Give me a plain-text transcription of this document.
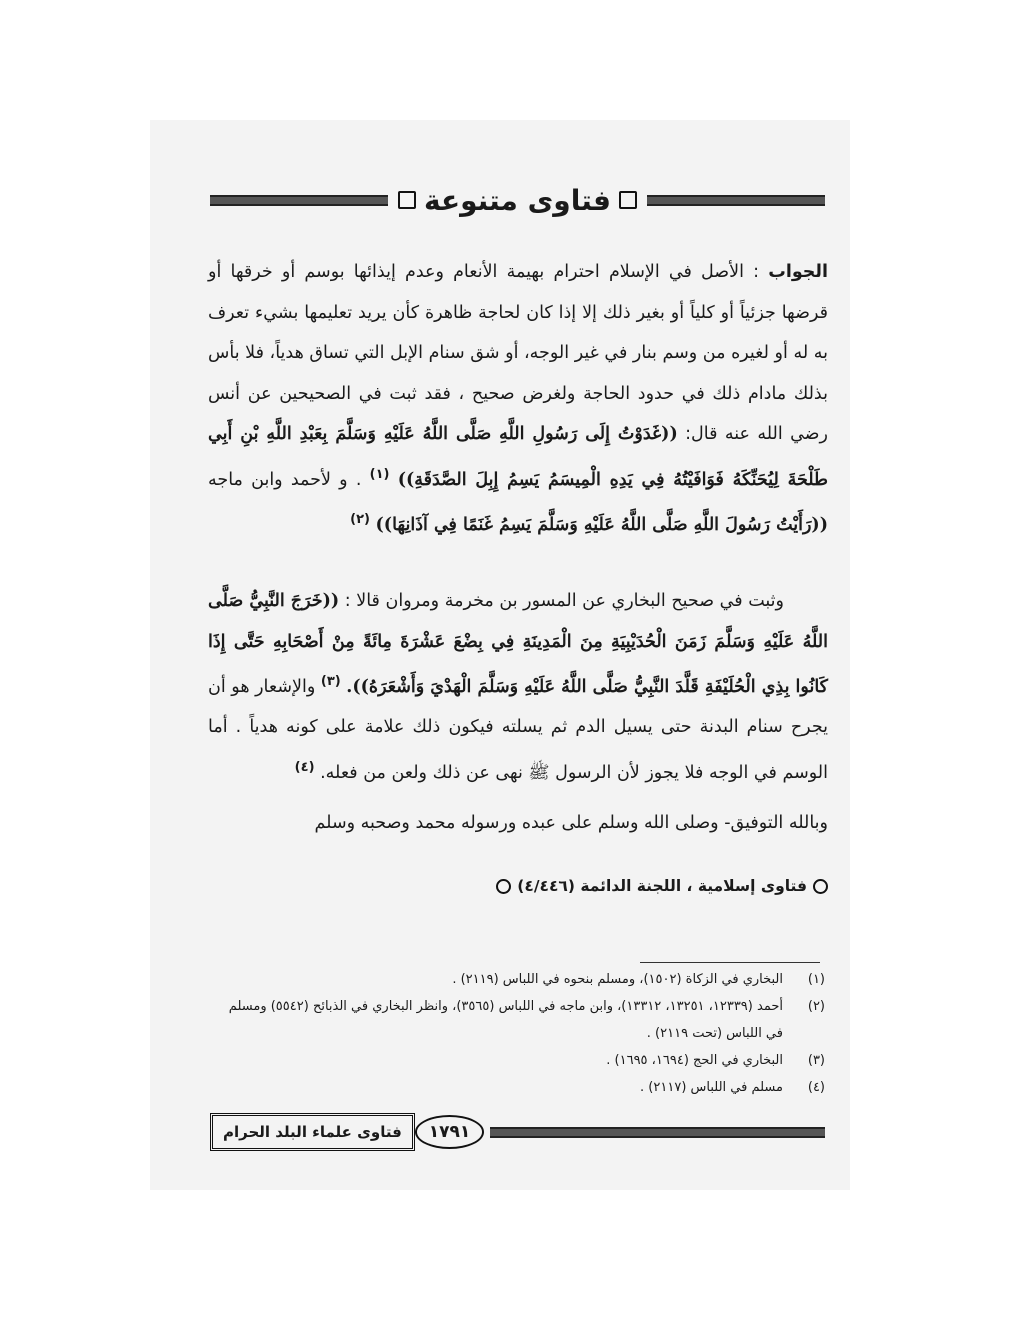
فتاوى متنوعة

الجواب : الأصل في الإسلام احترام بهيمة الأنعام وعدم إيذائها بوسم أو خرقها أو قرضها جزئياً أو كلياً أو بغير ذلك إلا إذا كان لحاجة ظاهرة كأن يريد تعليمها بشيء تعرف به له أو لغيره من وسم بنار في غير الوجه، أو شق سنام الإبل التي تساق هدياً، فلا بأس بذلك مادام ذلك في حدود الحاجة ولغرض صحيح ، فقد ثبت في الصحيحين عن أنس رضي الله عنه قال: ((غَدَوْتُ إِلَى رَسُولِ اللَّهِ صَلَّى اللَّهُ عَلَيْهِ وَسَلَّمَ بِعَبْدِ اللَّهِ بْنِ أَبِي طَلْحَةَ لِيُحَنِّكَهُ فَوَافَيْتُهُ فِي يَدِهِ الْمِيسَمُ يَسِمُ إِبِلَ الصَّدَقَةِ)) $^{(١)}$ . و لأحمد وابن ماجه ((رَأَيْتُ رَسُولَ اللَّهِ صَلَّى اللَّهُ عَلَيْهِ وَسَلَّمَ يَسِمُ غَنَمًا فِي آذَانِهَا)) $^{(٢)}$

وثبت في صحيح البخاري عن المسور بن مخرمة ومروان قالا : ((خَرَجَ النَّبِيُّ صَلَّى اللَّهُ عَلَيْهِ وَسَلَّمَ زَمَنَ الْحُدَيْبِيَةِ مِنَ الْمَدِينَةِ فِي بِضْعَ عَشْرَةَ مِائَةً مِنْ أَصْحَابِهِ حَتَّى إِذَا كَانُوا بِذِي الْحُلَيْفَةِ قَلَّدَ النَّبِيُّ صَلَّى اللَّهُ عَلَيْهِ وَسَلَّمَ الْهَدْيَ وَأَشْعَرَهُ)). $^{(٣)}$ والإشعار هو أن يجرح سنام البدنة حتى يسيل الدم ثم يسلته فيكون ذلك علامة على كونه هدياً . أما الوسم في الوجه فلا يجوز لأن الرسول ﷺ نهى عن ذلك ولعن من فعله. $^{(٤)}$

وبالله التوفيق- وصلى الله وسلم على عبده ورسوله محمد وصحبه وسلم

فتاوى إسلامية ، اللجنة الدائمة (٤/٤٤٦)

(١)
البخاري في الزكاة (١٥٠٢)، ومسلم بنحوه في اللباس (٢١١٩) .
(٢)
أحمد (١٢٣٣٩، ١٣٢٥١، ١٣٣١٢)، وابن ماجه في اللباس (٣٥٦٥)، وانظر البخاري في الذبائح (٥٥٤٢) ومسلم في اللباس (تحت ٢١١٩) .
(٣)
البخاري في الحج (١٦٩٤، ١٦٩٥) .
(٤)
مسلم في اللباس (٢١١٧) .
١٧٩١
فتاوى علماء البلد الحرام
